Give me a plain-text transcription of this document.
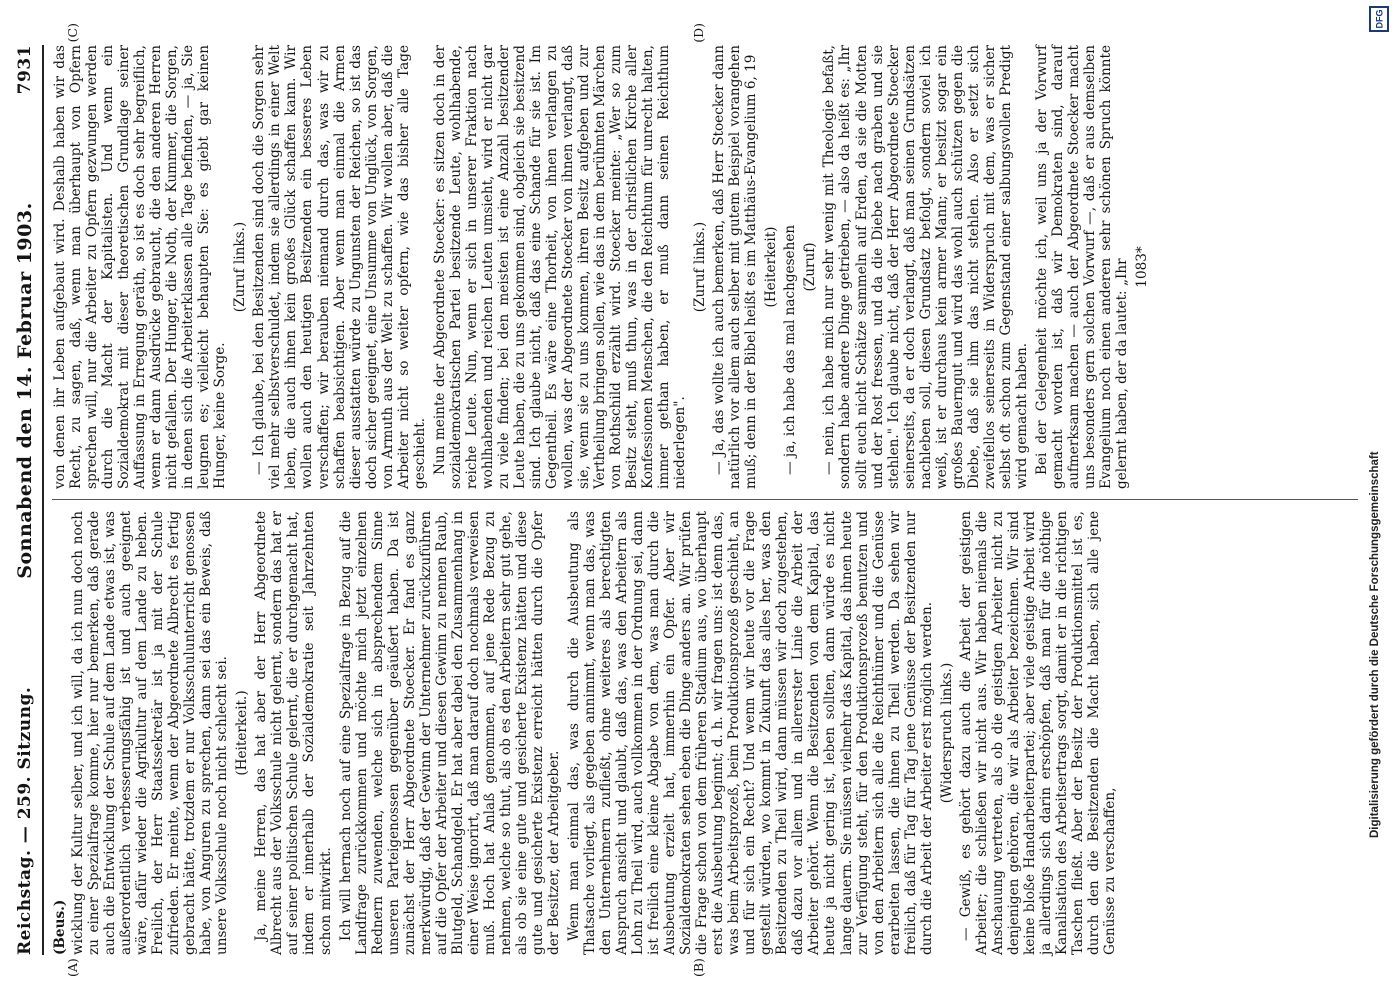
Reichstag. — 259. Sitzung.
Sonnabend den 14. Februar 1903.
7931
(A)	(B)

(Beus.) wicklung der Kultur selber, und ich will, da ich nun doch noch zu einer Spezialfrage komme, hier nur bemerken, daß gerade auch die Entwicklung der Schule auf dem Lande etwas ist, was außerordentlich verbesserungsfähig ist und auch geeignet wäre, dafür wieder die Agrikultur auf dem Lande zu heben. Freilich, der Herr Staatssekretär ist ja mit der Schule zufrieden. Er meinte, wenn der Abgeordnete Albrecht es fertig gebracht hätte, trotzdem er nur Volksschulunterricht genossen habe, von Anguren zu sprechen, dann sei das ein Beweis, daß unsere Volksschule noch nicht schlecht sei. (Heiterkeit.) Ja, meine Herren, das hat aber der Herr Abgeordnete Albrecht aus der Volksschule nicht gelernt, sondern das hat er auf seiner politischen Schule gelernt, die er durchgemacht hat, indem er innerhalb der Sozialdemokratie seit Jahrzehnten schon mitwirkt. Ich will hernach noch auf eine Spezialfrage in Bezug auf die Landfrage zurückkommen und möchte mich jetzt einzelnen Rednern zuwenden, welche sich in absprechendem Sinne unseren Parteigenossen gegenüber geäußert haben. Da ist zunächst der Herr Abgeordnete Stoecker. Er fand es ganz merkwürdig, daß der Gewinn der Unternehmer zurückzuführen auf die Opfer der Arbeiter und diesen Gewinn zu nennen Raub, Blutgeld, Schandgeld. Er hat aber dabei den Zusammenhang in einer Weise ignorirt, daß man darauf doch nochmals verweisen muß. Hoch hat Anlaß genommen, auf jene Rede Bezug zu nehmen, welche so thut, als ob es den Arbeitern sehr gut gehe, als ob sie eine gute und gesicherte Existenz hätten und diese gute und gesicherte Existenz erreicht hätten durch die Opfer der Besitzer, der Arbeitgeber. Wenn man einmal das, was durch die Ausbeutung als Thatsache vorliegt, als gegeben annimmt, wenn man das, was den Unternehmern zufließt, ohne weiteres als berechtigten Anspruch ansicht und glaubt, daß das, was den Arbeitern als Lohn zu Theil wird, auch vollkommen in der Ordnung sei, dann ist freilich eine kleine Abgabe von dem, was man durch die Ausbeutung erzielt hat, immerhin ein Opfer. Aber wir Sozialdemokraten sehen eben die Dinge anders an. Wir prüfen die Frage schon von dem früheren Stadium aus, wo überhaupt erst die Ausbeutung beginnt; d. h. wir fragen uns: ist denn das, was beim Arbeitsprozeß, beim Produktionsprozeß geschieht, an und für sich ein Recht? Und wenn wir heute vor die Frage gestellt würden, wo kommt in Zukunft das alles her, was den Besitzenden zu Theil wird, dann müssen wir doch zugestehen, daß dazu vor allem und in allererster Linie die Arbeit der Arbeiter gehört. Wenn die Besitzenden von dem Kapital, das heute ja nicht gering ist, leben sollten, dann würde es nicht lange dauern. Sie müssen vielmehr das Kapital, das ihnen heute zur Verfügung steht, für den Produktionsprozeß benutzen und von den Arbeitern sich alle die Reichthümer und die Genüsse erarbeiten lassen, die ihnen zu Theil werden. Da sehen wir freilich, daß für Tag für Tag jene Genüsse der Besitzenden nur durch die Arbeit der Arbeiter erst möglich werden. (Widerspruch links.) — Gewiß, es gehört dazu auch die Arbeit der geistigen Arbeiter; die schließen wir nicht aus. Wir haben niemals die Anschauung vertreten, als ob die geistigen Arbeiter nicht zu denjenigen gehören, die wir als Arbeiter bezeichnen. Wir sind keine bloße Handarbeiterpartei; aber viele geistige Arbeit wird ja allerdings sich darin erschöpfen, daß man für die nöthige Kanalisation des Arbeitsertrags sorgt, damit er in die richtigen Taschen fließt. Aber der Besitz der Produktionsmittel ist es, durch den die Besitzenden die Macht haben, sich alle jene Genüsse zu verschaffen,

(C)	(D)

von denen ihr Leben aufgebaut wird. Deshalb haben wir das Recht, zu sagen, daß, wenn man überhaupt von Opfern sprechen will, nur die Arbeiter zu Opfern gezwungen werden durch die Macht der Kapitalisten. Und wenn ein Sozialdemokrat mit dieser theoretischen Grundlage seiner Auffassung in Erregung geräth, so ist es doch sehr begreiflich, wenn er dann Ausdrücke gebraucht, die den anderen Herren nicht gefallen. Der Hunger, die Noth, der Kummer, die Sorgen, in denen sich die Arbeiterklassen alle Tage befinden, — ja, Sie leugnen es; vielleicht behaupten Sie: es giebt gar keinen Hunger, keine Sorge.

(Zuruf links.) — Ich glaube, bei den Besitzenden sind doch die Sorgen sehr viel mehr selbstverschuldet, indem sie allerdings in einer Welt leben, die auch ihnen kein großes Glück schaffen kann. Wir wollen auch den heutigen Besitzenden ein besseres Leben verschaffen; wir berauben niemand durch das, was wir zu schaffen beabsichtigen. Aber wenn man einmal die Armen dieser ausstatten würde zu Ungunsten der Reichen, so ist das doch sicher geeignet, eine Unsumme von Unglück, von Sorgen, von Armuth aus der Welt zu schaffen. Wir wollen aber, daß die Arbeiter nicht so weiter opfern, wie das bisher alle Tage geschieht. Nun meinte der Abgeordnete Stoecker: es sitzen doch in der sozialdemokratischen Partei besitzende Leute, wohlhabende, reiche Leute. Nun, wenn er sich in unserer Fraktion nach wohlhabenden und reichen Leuten umsieht, wird er nicht gar zu viele finden; bei den meisten ist eine Anzahl besitzender Leute haben, die zu uns gekommen sind, obgleich sie besitzend sind. Ich glaube nicht, daß das eine Schande für sie ist. Im Gegentheil. Es wäre eine Thorheit, von ihnen verlangen zu wollen, was der Abgeordnete Stoecker von ihnen verlangt, daß sie, wenn sie zu uns kommen, ihren Besitz aufgeben und zur Vertheilung bringen sollen, wie das in dem berühmten Märchen von Rothschild erzählt wird. Stoecker meinte: „Wer so zum Besitz steht, muß thun, was in der christlichen Kirche aller Konfessionen Menschen, die den Reichthum für unrecht halten, immer gethan haben, er muß dann seinen Reichthum niederlegen".

(Zuruf links.) — Ja, das wollte ich auch bemerken, daß Herr Stoecker dann natürlich vor allem auch selber mit gutem Beispiel vorangehen muß; denn in der Bibel heißt es im Matthäus-Evangelium 6, 19 (Heiterkeit) — ja, ich habe das mal nachgesehen (Zuruf) — nein, ich habe mich nur sehr wenig mit Theologie befaßt, sondern habe andere Dinge getrieben, — also da heißt es: „Ihr sollt euch nicht Schätze sammeln auf Erden, da sie die Motten und der Rost fressen, und da die Diebe nach graben und sie stehlen." Ich glaube nicht, daß der Herr Abgeordnete Stoecker seinerseits, da er doch verlangt, daß man seinen Grundsätzen nachleben soll, diesen Grundsatz befolgt, sondern soviel ich weiß, ist er durchaus kein armer Mann; er besitzt sogar ein großes Bauerngut und wird das wohl auch schützen gegen die Diebe, daß sie ihm das nicht stehlen. Also er setzt sich zweifellos seinerseits in Widerspruch mit dem, was er sicher selbst oft schon zum Gegenstand einer salbungsvollen Predigt wird gemacht haben. Bei der Gelegenheit möchte ich, weil uns ja der Vorwurf gemacht worden ist, daß wir Demokraten sind, darauf aufmerksam machen — auch der Abgeordnete Stoecker macht uns besonders gern solchen Vorwurf —, daß er aus demselben Evangelium noch einen anderen sehr schönen Spruch könnte gelernt haben, der da lautet: „Ihr 1083*

DFG
Digitalisierung gefördert durch die Deutsche Forschungsgemeinschaft
